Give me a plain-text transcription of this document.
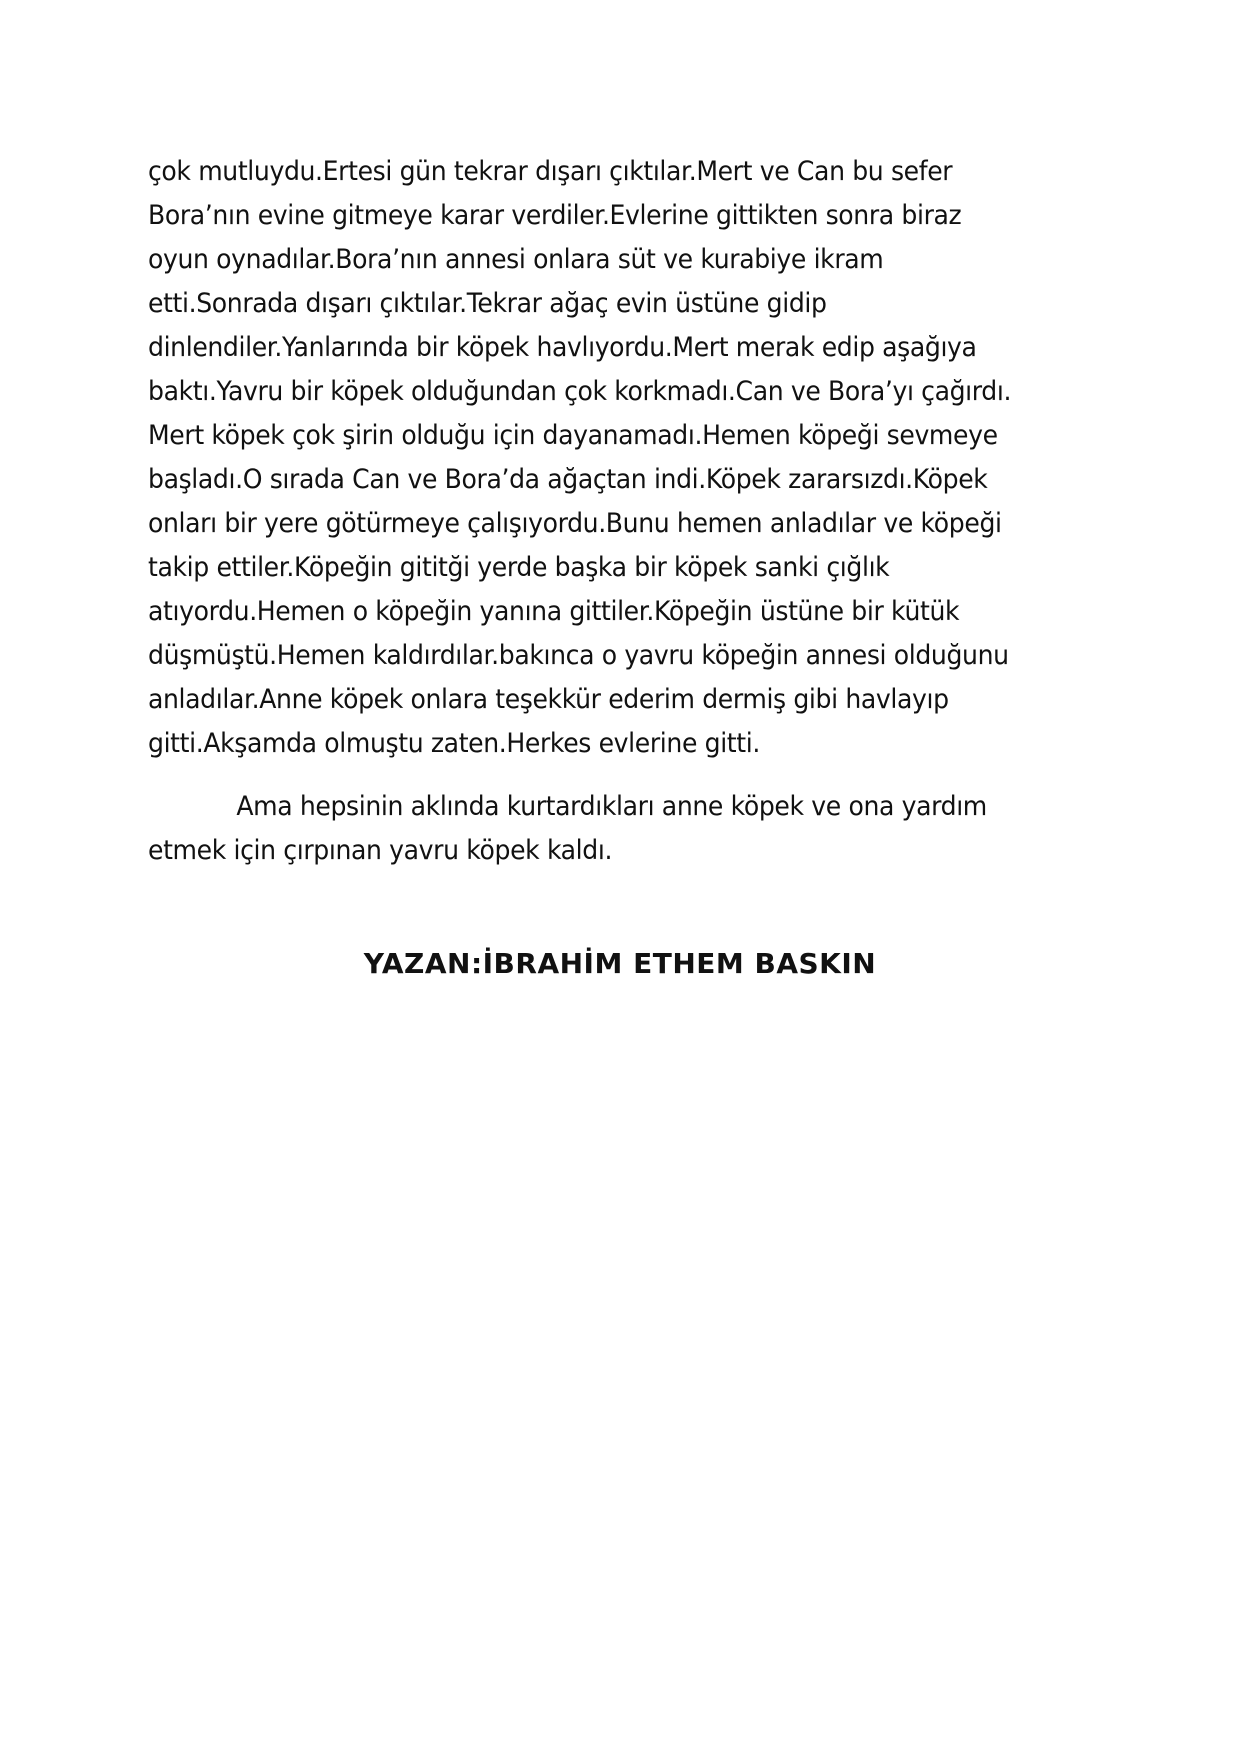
çok mutluydu.Ertesi gün tekrar dışarı çıktılar.Mert ve Can bu sefer
Bora’nın evine gitmeye karar verdiler.Evlerine gittikten sonra biraz
oyun oynadılar.Bora’nın annesi onlara süt ve kurabiye ikram
etti.Sonrada dışarı çıktılar.Tekrar ağaç evin üstüne gidip
dinlendiler.Yanlarında bir köpek havlıyordu.Mert merak edip aşağıya
baktı.Yavru bir köpek olduğundan çok korkmadı.Can ve Bora’yı çağırdı.
Mert köpek çok şirin olduğu için dayanamadı.Hemen köpeği sevmeye
başladı.O sırada Can ve Bora’da ağaçtan indi.Köpek zararsızdı.Köpek
onları bir yere götürmeye çalışıyordu.Bunu hemen anladılar ve köpeği
takip ettiler.Köpeğin gititği yerde başka bir köpek sanki çığlık
atıyordu.Hemen o köpeğin yanına gittiler.Köpeğin üstüne bir kütük
düşmüştü.Hemen kaldırdılar.bakınca o yavru köpeğin annesi olduğunu
anladılar.Anne köpek onlara teşekkür ederim dermiş gibi havlayıp
gitti.Akşamda olmuştu zaten.Herkes evlerine gitti.
Ama hepsinin aklında kurtardıkları anne köpek ve ona yardım
etmek için çırpınan yavru köpek kaldı.
YAZAN:İBRAHİM ETHEM BASKIN
